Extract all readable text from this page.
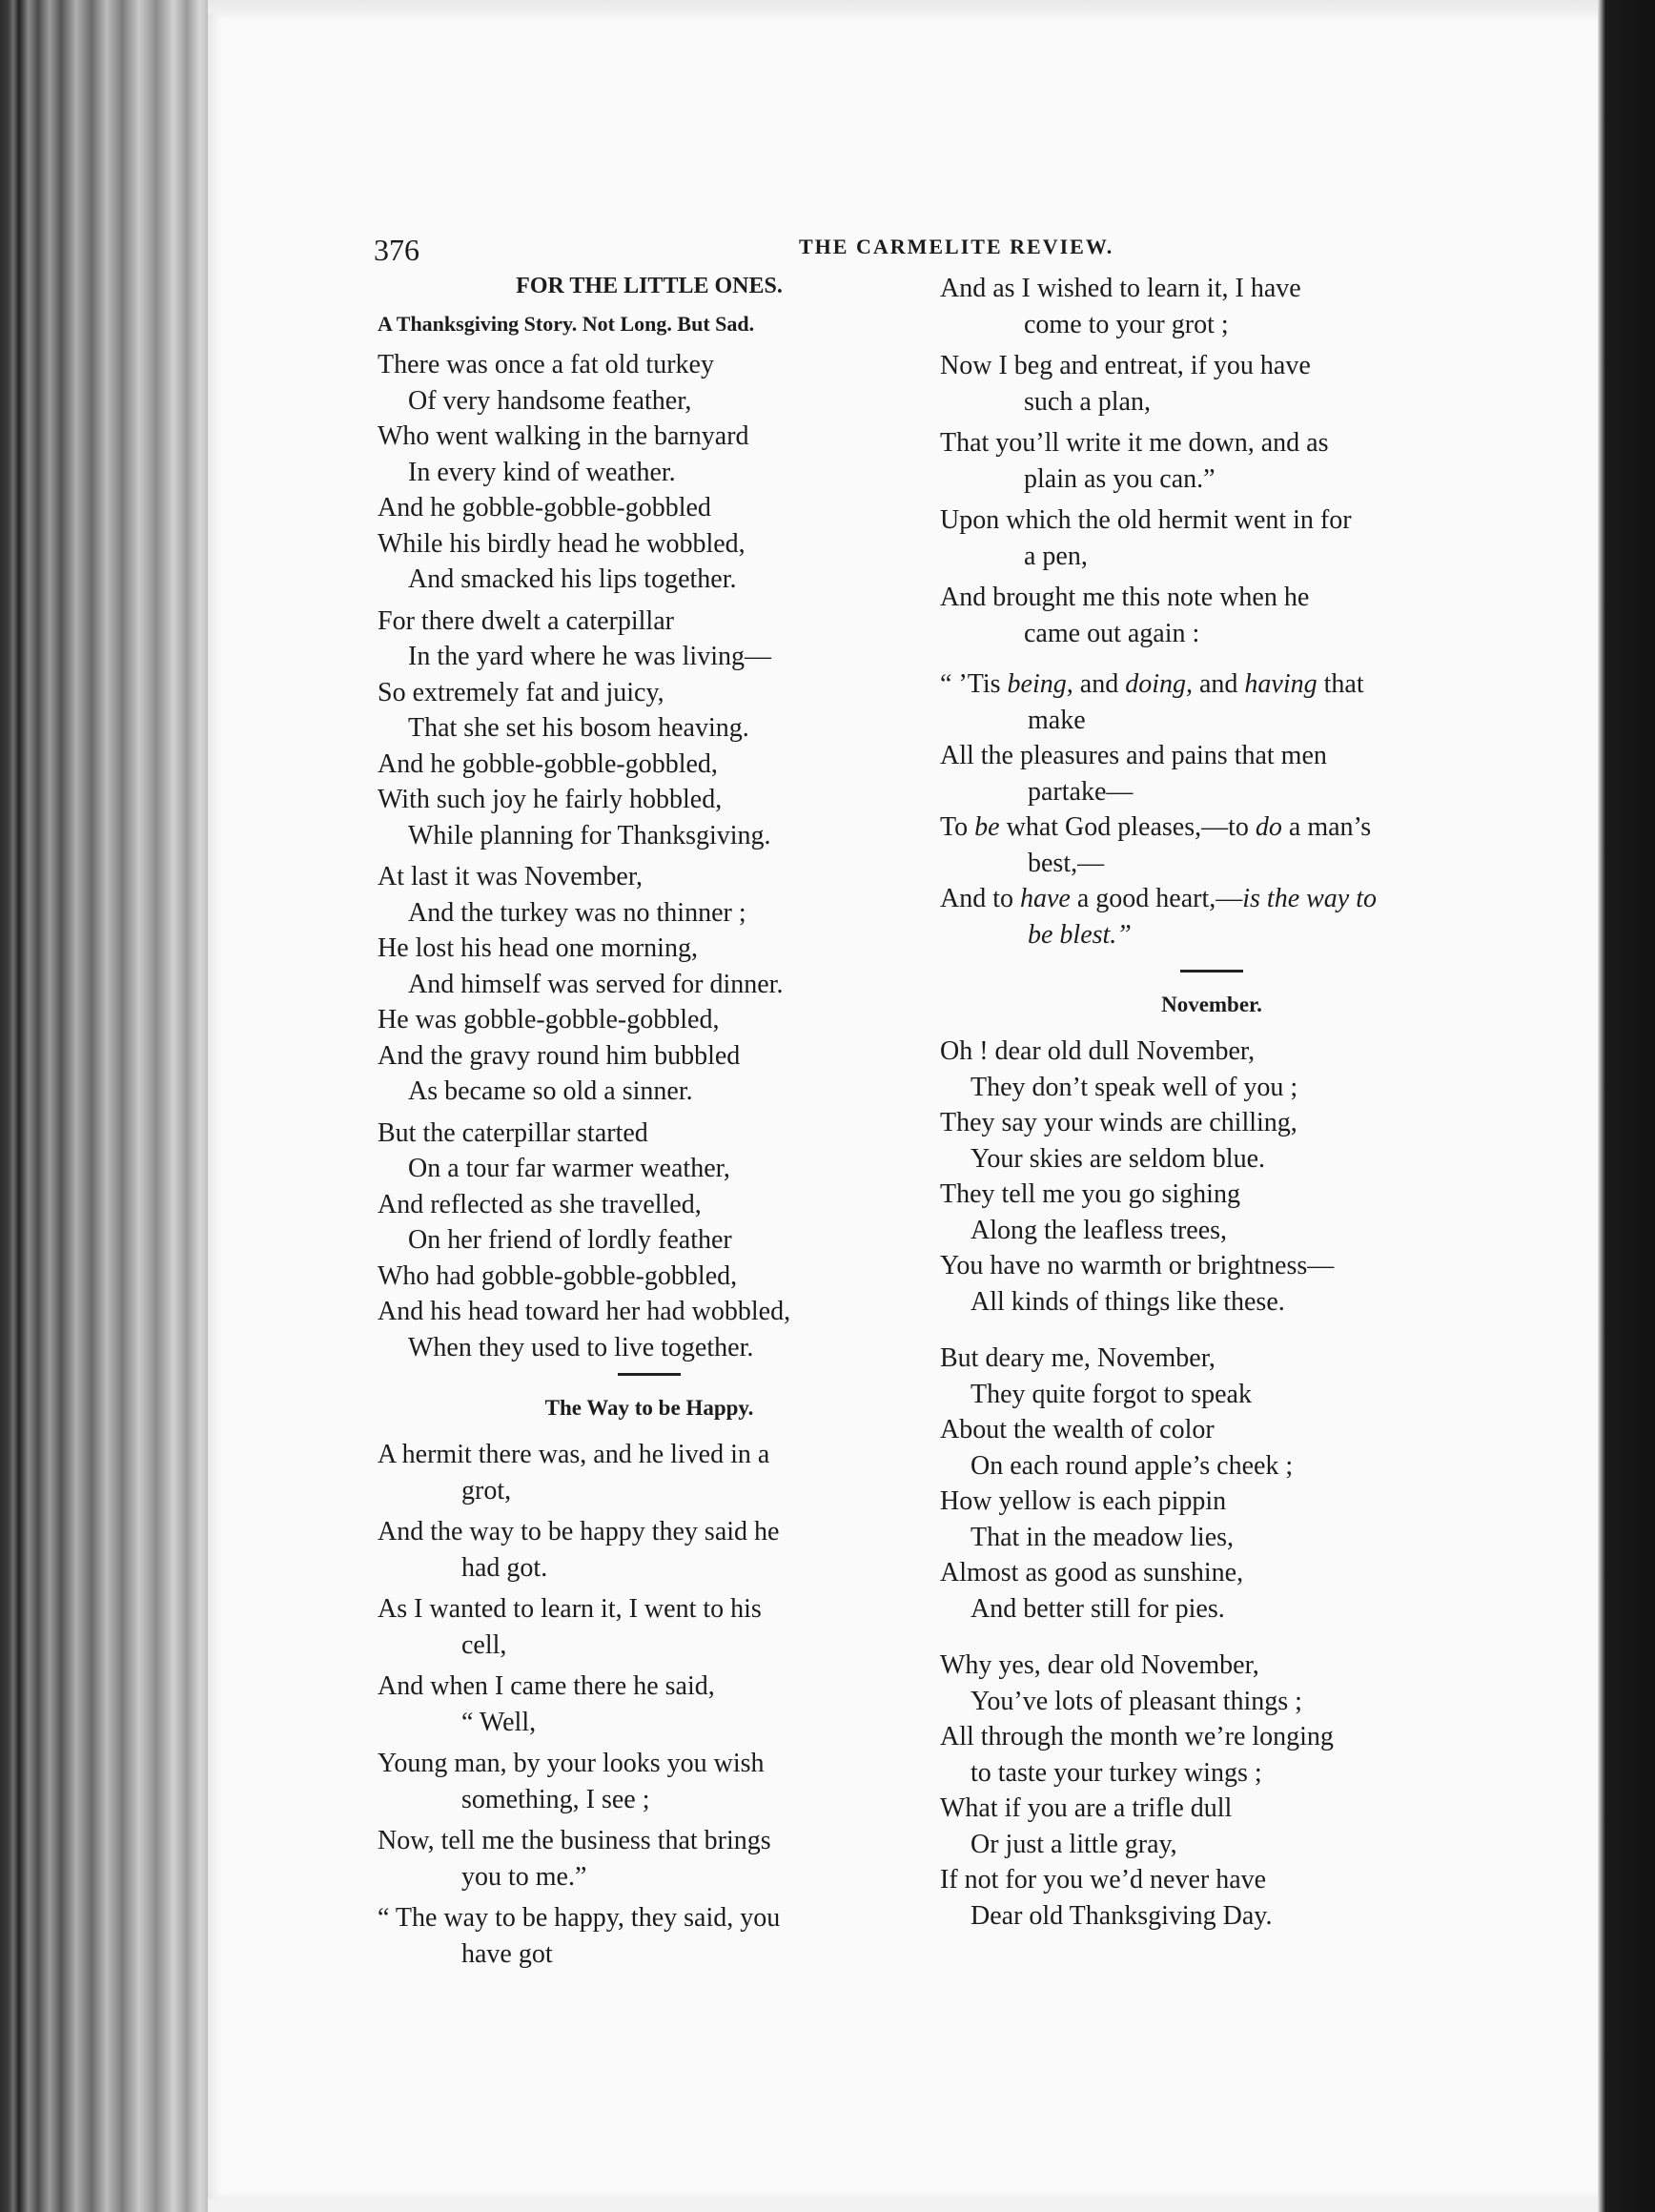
376	THE CARMELITE REVIEW.
FOR THE LITTLE ONES.
A Thanksgiving Story. Not Long. But Sad.
There was once a fat old turkey
Of very handsome feather,
Who went walking in the barnyard
In every kind of weather.
And he gobble-gobble-gobbled
While his birdly head he wobbled,
And smacked his lips together.
For there dwelt a caterpillar
In the yard where he was living—
So extremely fat and juicy,
That she set his bosom heaving.
And he gobble-gobble-gobbled,
With such joy he fairly hobbled,
While planning for Thanksgiving.
At last it was November,
And the turkey was no thinner ;
He lost his head one morning,
And himself was served for dinner.
He was gobble-gobble-gobbled,
And the gravy round him bubbled
As became so old a sinner.
But the caterpillar started
On a tour far warmer weather,
And reflected as she travelled,
On her friend of lordly feather
Who had gobble-gobble-gobbled,
And his head toward her had wobbled,
When they used to live together.
The Way to be Happy.
A hermit there was, and he lived in a
grot,
And the way to be happy they said he
had got.
As I wanted to learn it, I went to his
cell,
And when I came there he said,
“ Well,
Young man, by your looks you wish
something, I see ;
Now, tell me the business that brings
you to me.”
“ The way to be happy, they said, you
have got
And as I wished to learn it, I have
come to your grot ;
Now I beg and entreat, if you have
such a plan,
That you’ll write it me down, and as
plain as you can.”
Upon which the old hermit went in for
a pen,
And brought me this note when he
came out again :
“ ’Tis being, and doing, and having that
make
All the pleasures and pains that men
partake—
To be what God pleases,—to do a man’s
best,—
And to have a good heart,—is the way to
be blest.”
November.
Oh ! dear old dull November,
They don’t speak well of you ;
They say your winds are chilling,
Your skies are seldom blue.
They tell me you go sighing
Along the leafless trees,
You have no warmth or brightness—
All kinds of things like these.
But deary me, November,
They quite forgot to speak
About the wealth of color
On each round apple’s cheek ;
How yellow is each pippin
That in the meadow lies,
Almost as good as sunshine,
And better still for pies.
Why yes, dear old November,
You’ve lots of pleasant things ;
All through the month we’re longing
to taste your turkey wings ;
What if you are a trifle dull
Or just a little gray,
If not for you we’d never have
Dear old Thanksgiving Day.
